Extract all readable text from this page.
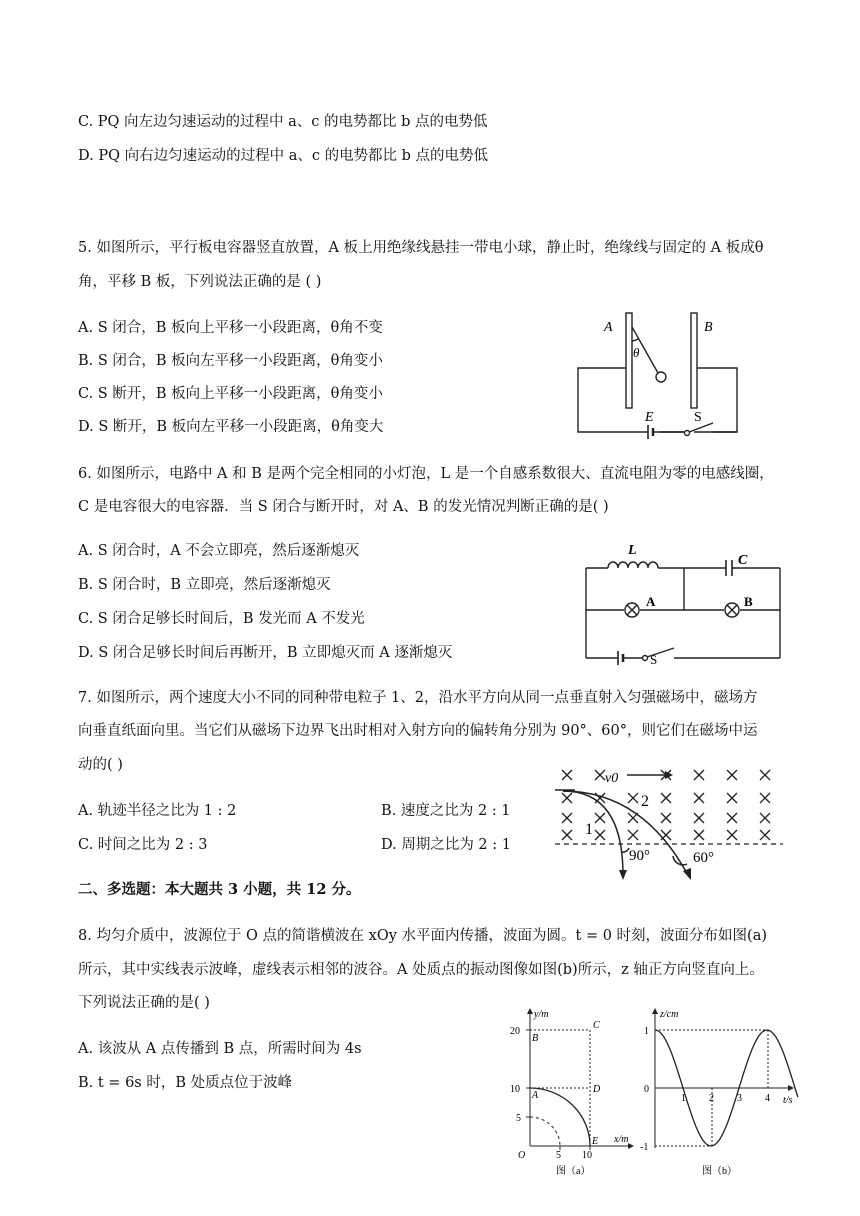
C. PQ 向左边匀速运动的过程中 a、c 的电势都比 b 点的电势低
D. PQ 向右边匀速运动的过程中 a、c 的电势都比 b 点的电势低
5. 如图所示，平行板电容器竖直放置，A 板上用绝缘线悬挂一带电小球，静止时，绝缘线与固定的 A 板成θ
角，平移 B 板，下列说法正确的是 ( )
A. S 闭合，B 板向上平移一小段距离，θ角不变
B. S 闭合，B 板向左平移一小段距离，θ角变小
C. S 断开，B 板向上平移一小段距离，θ角变小
D. S 断开，B 板向左平移一小段距离，θ角变大
A	B
θ
E	S
6. 如图所示，电路中 A 和 B 是两个完全相同的小灯泡，L 是一个自感系数很大、直流电阻为零的电感线圈，
C 是电容很大的电容器．当 S 闭合与断开时，对 A、B 的发光情况判断正确的是( )
A. S 闭合时，A 不会立即亮，然后逐渐熄灭
B. S 闭合时，B 立即亮，然后逐渐熄灭
C. S 闭合足够长时间后，B 发光而 A 不发光
D. S 闭合足够长时间后再断开，B 立即熄灭而 A 逐渐熄灭
L
C
A	B
S
7. 如图所示，两个速度大小不同的同种带电粒子 1、2，沿水平方向从同一点垂直射入匀强磁场中，磁场方
向垂直纸面向里。当它们从磁场下边界飞出时相对入射方向的偏转角分别为 90°、60°，则它们在磁场中运
动的( )
A. 轨迹半径之比为 1 : 2	B. 速度之比为 2 : 1
C. 时间之比为 2 : 3	D. 周期之比为 2 : 1
v0
1
2
90°	60°
二、多选题：本大题共 3 小题，共 12 分。
8. 均匀介质中，波源位于 O 点的简谐横波在 xOy 水平面内传播，波面为圆。t = 0 时刻，波面分布如图(a)
所示，其中实线表示波峰，虚线表示相邻的波谷。A 处质点的振动图像如图(b)所示，z 轴正方向竖直向上。
下列说法正确的是( )
A. 该波从 A 点传播到 B 点，所需时间为 4s
B. t = 6s 时，B 处质点位于波峰
y/m
x/m
20
10
5
O	5 10
A
B
C
D
E
图（a）
z/cm
t/s
1
0
-1
1 2 3 4
图（b）
